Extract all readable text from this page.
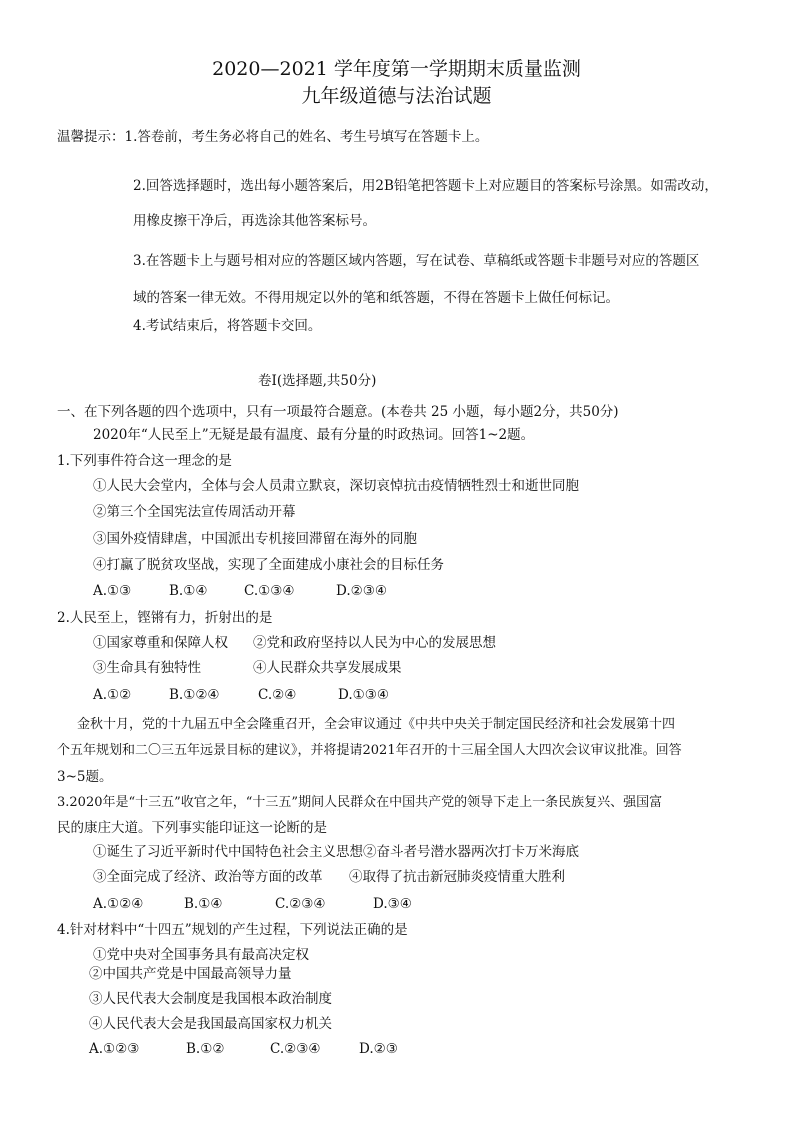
2020—2021 学年度第一学期期末质量监测
九年级道德与法治试题
温馨提示：1.答卷前，考生务必将自己的姓名、考生号填写在答题卡上。
2.回答选择题时，选出每小题答案后，用2B铅笔把答题卡上对应题目的答案标号涂黑。如需改动，
用橡皮擦干净后，再选涂其他答案标号。
3.在答题卡上与题号相对应的答题区域内答题，写在试卷、草稿纸或答题卡非题号对应的答题区
域的答案一律无效。不得用规定以外的笔和纸答题，不得在答题卡上做任何标记。
4.考试结束后，将答题卡交回。
卷Ⅰ(选择题,共50分)
一、在下列各题的四个选项中，只有一项最符合题意。(本卷共 25 小题，每小题2分，共50分)
2020年“人民至上”无疑是最有温度、最有分量的时政热词。回答1~2题。
1.下列事件符合这一理念的是
①人民大会堂内，全体与会人员肃立默哀，深切哀悼抗击疫情牺牲烈士和逝世同胞
②第三个全国宪法宣传周活动开幕
③国外疫情肆虐，中国派出专机接回滞留在海外的同胞
④打赢了脱贫攻坚战，实现了全面建成小康社会的目标任务
A.①③	B.①④	C.①③④	D.②③④
2.人民至上，铿锵有力，折射出的是
①国家尊重和保障人权 ②党和政府坚持以人民为中心的发展思想
③生命具有独特性	④人民群众共享发展成果
A.①②	B.①②④	C.②④	D.①③④
金秋十月，党的十九届五中全会隆重召开，全会审议通过《中共中央关于制定国民经济和社会发展第十四
个五年规划和二〇三五年远景目标的建议》，并将提请2021年召开的十三届全国人大四次会议审议批准。回答
3~5题。
3.2020年是“十三五”收官之年，“十三五”期间人民群众在中国共产党的领导下走上一条民族复兴、强国富
民的康庄大道。下列事实能印证这一论断的是
①诞生了习近平新时代中国特色社会主义思想②奋斗者号潜水器两次打卡万米海底
③全面完成了经济、政治等方面的改革 ④取得了抗击新冠肺炎疫情重大胜利
A.①②④	B.①④	C.②③④	D.③④
4.针对材料中“十四五”规划的产生过程，下列说法正确的是
①党中央对全国事务具有最高决定权
②中国共产党是中国最高领导力量
③人民代表大会制度是我国根本政治制度
④人民代表大会是我国最高国家权力机关
A.①②③	B.①②	C.②③④	D.②③
